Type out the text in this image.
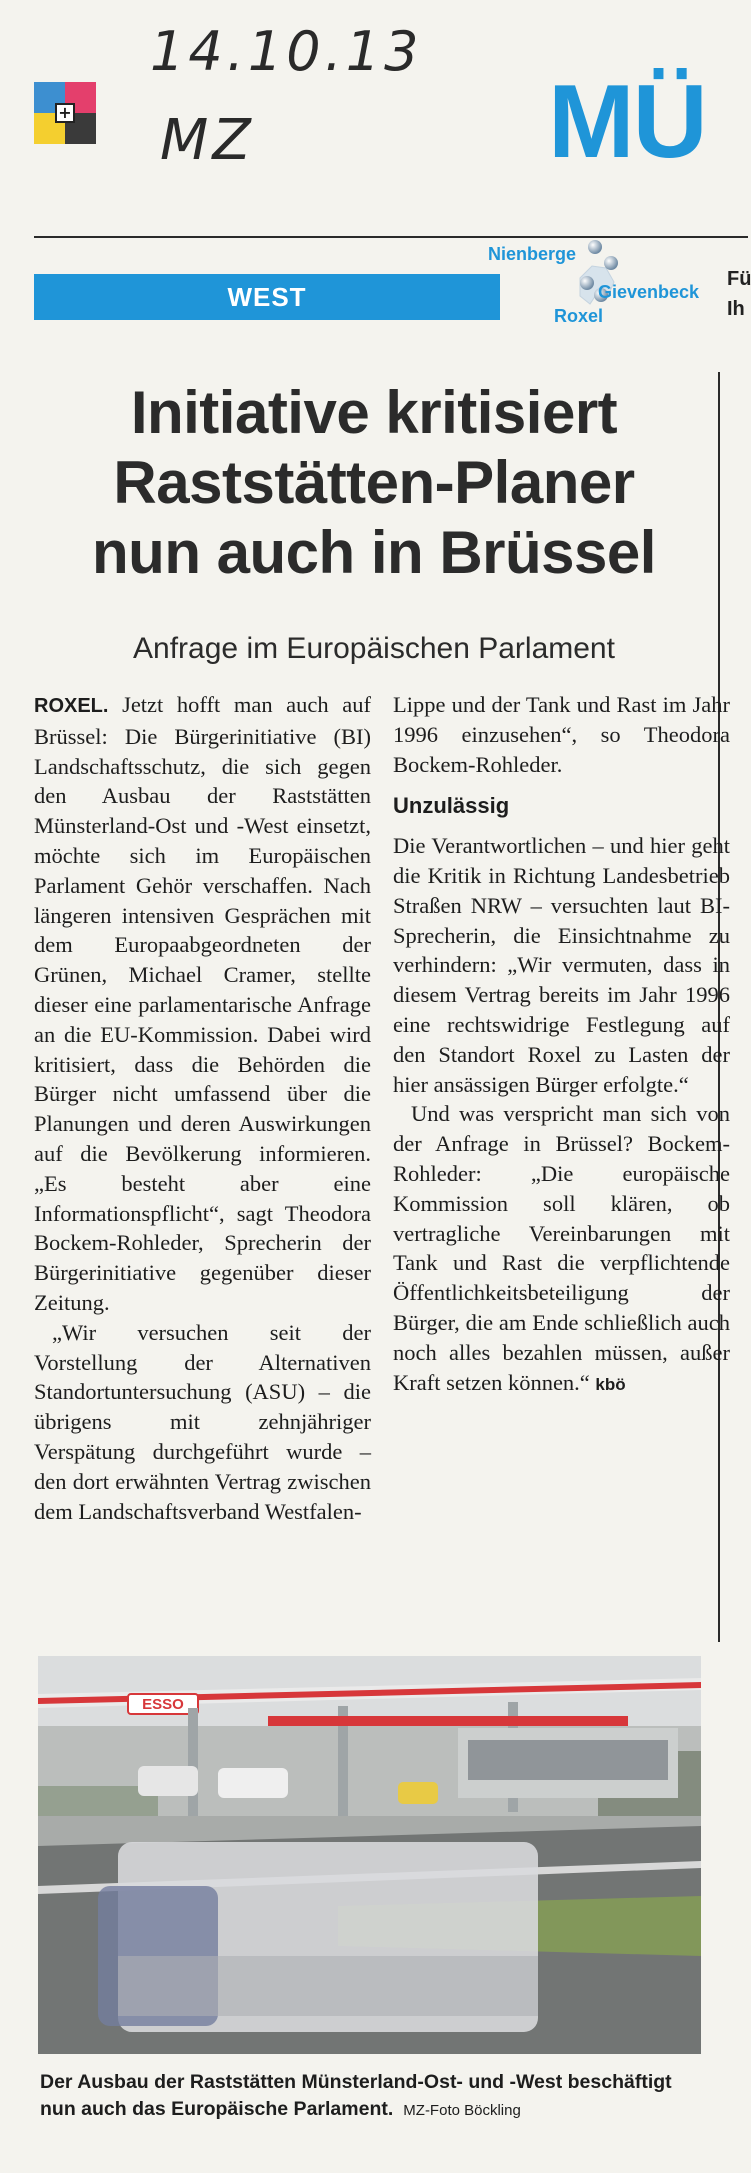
14.10.13
MZ
+	MÜ
WEST
Nienberge
Gievenbeck
Roxel
Fü
Ih
Initiative kritisiert
Raststätten-Planer
nun auch in Brüssel
Anfrage im Europäischen Parlament

ROXEL. Jetzt hofft man auch auf Brüssel: Die Bürgerinitiative (BI) Landschaftsschutz, die sich gegen den Ausbau der Raststätten Münsterland-Ost und -West einsetzt, möchte sich im Europäischen Parlament Gehör verschaffen. Nach längeren intensiven Gesprächen mit dem Europaabgeordneten der Grünen, Michael Cramer, stellte dieser eine parlamentarische Anfrage an die EU-Kommission. Dabei wird kritisiert, dass die Behörden die Bürger nicht umfassend über die Planungen und deren Auswirkungen auf die Bevölkerung informieren. „Es besteht aber eine Informationspflicht“, sagt Theodora Bockem-Rohleder, Sprecherin der Bürgerinitiative gegenüber dieser Zeitung.

„Wir versuchen seit der Vorstellung der Alternativen Standortuntersuchung (ASU) – die übrigens mit zehnjähriger Verspätung durchgeführt wurde – den dort erwähnten Vertrag zwischen dem Landschaftsverband Westfalen-

Lippe und der Tank und Rast im Jahr 1996 einzusehen“, so Theodora Bockem-Rohleder.

Unzulässig

Die Verantwortlichen – und hier geht die Kritik in Richtung Landesbetrieb Straßen NRW – versuchten laut BI-Sprecherin, die Einsichtnahme zu verhindern: „Wir vermuten, dass in diesem Vertrag bereits im Jahr 1996 eine rechtswidrige Festlegung auf den Standort Roxel zu Lasten der hier ansässigen Bürger erfolgte.“

Und was verspricht man sich von der Anfrage in Brüssel? Bockem-Rohleder: „Die europäische Kommission soll klären, ob vertragliche Vereinbarungen mit Tank und Rast die verpflichtende Öffentlichkeitsbeteiligung der Bürger, die am Ende schließlich auch noch alles bezahlen müssen, außer Kraft setzen können.“ kbö

ESSO
Der Ausbau der Raststätten Münsterland-Ost- und -West beschäftigt nun auch das Europäische Parlament. MZ-Foto Böckling
